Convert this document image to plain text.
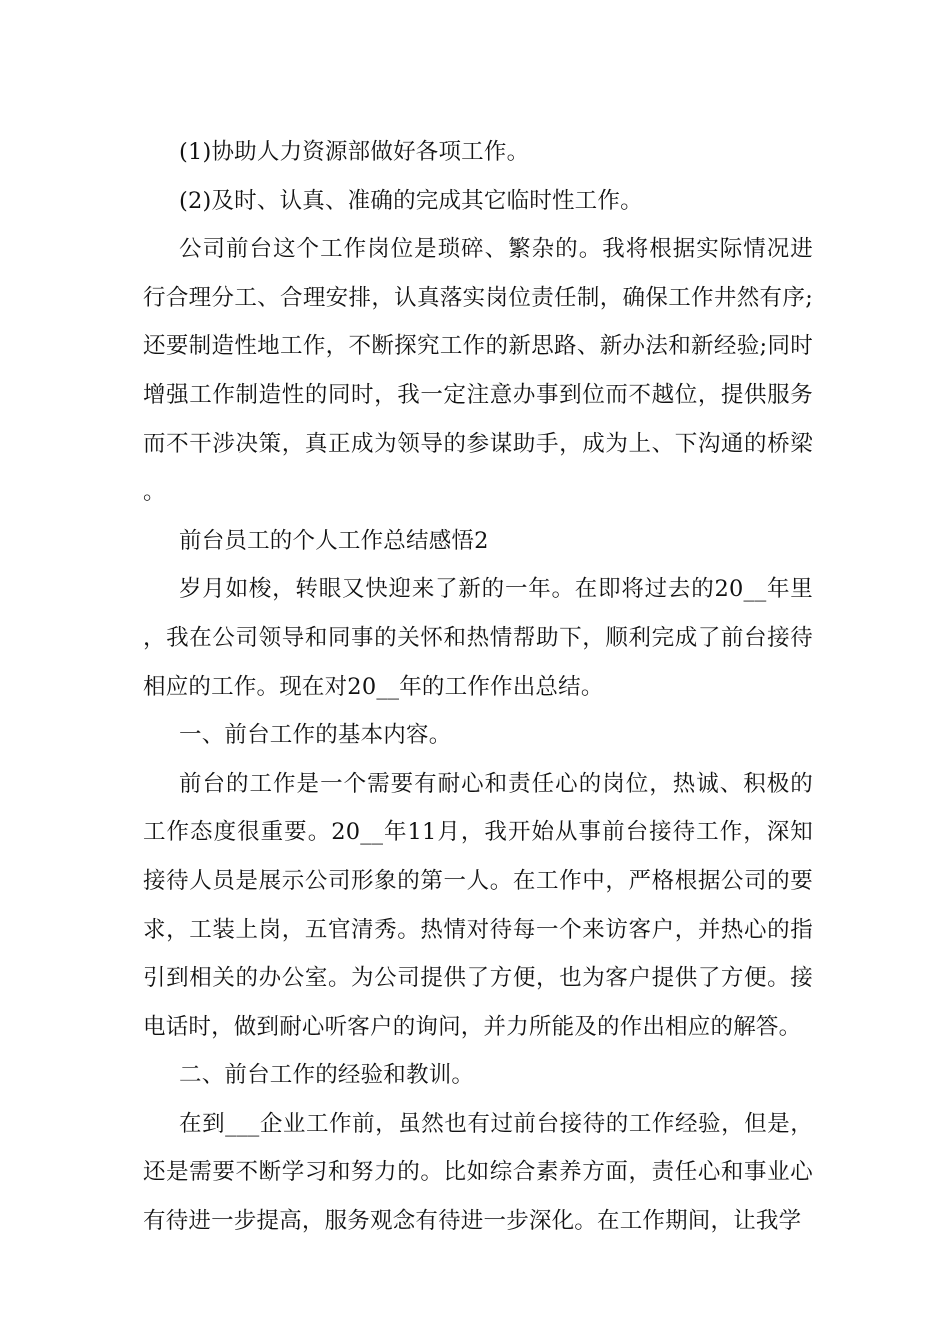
(1)协助人力资源部做好各项工作。

(2)及时、认真、准确的完成其它临时性工作。

公司前台这个工作岗位是琐碎、繁杂的。我将根据实际情况进行合理分工、合理安排，认真落实岗位责任制，确保工作井然有序;还要制造性地工作，不断探究工作的新思路、新办法和新经验;同时增强工作制造性的同时，我一定注意办事到位而不越位，提供服务而不干涉决策，真正成为领导的参谋助手，成为上、下沟通的桥梁。

前台员工的个人工作总结感悟2

岁月如梭，转眼又快迎来了新的一年。在即将过去的20__年里，我在公司领导和同事的关怀和热情帮助下，顺利完成了前台接待相应的工作。现在对20__年的工作作出总结。

一、前台工作的基本内容。

前台的工作是一个需要有耐心和责任心的岗位，热诚、积极的工作态度很重要。20__年11月，我开始从事前台接待工作，深知接待人员是展示公司形象的第一人。在工作中，严格根据公司的要求，工装上岗，五官清秀。热情对待每一个来访客户，并热心的指引到相关的办公室。为公司提供了方便，也为客户提供了方便。接电话时，做到耐心听客户的询问，并力所能及的作出相应的解答。

二、前台工作的经验和教训。

在到___企业工作前，虽然也有过前台接待的工作经验，但是，还是需要不断学习和努力的。比如综合素养方面，责任心和事业心有待进一步提高，服务观念有待进一步深化。在工作期间，让我学
